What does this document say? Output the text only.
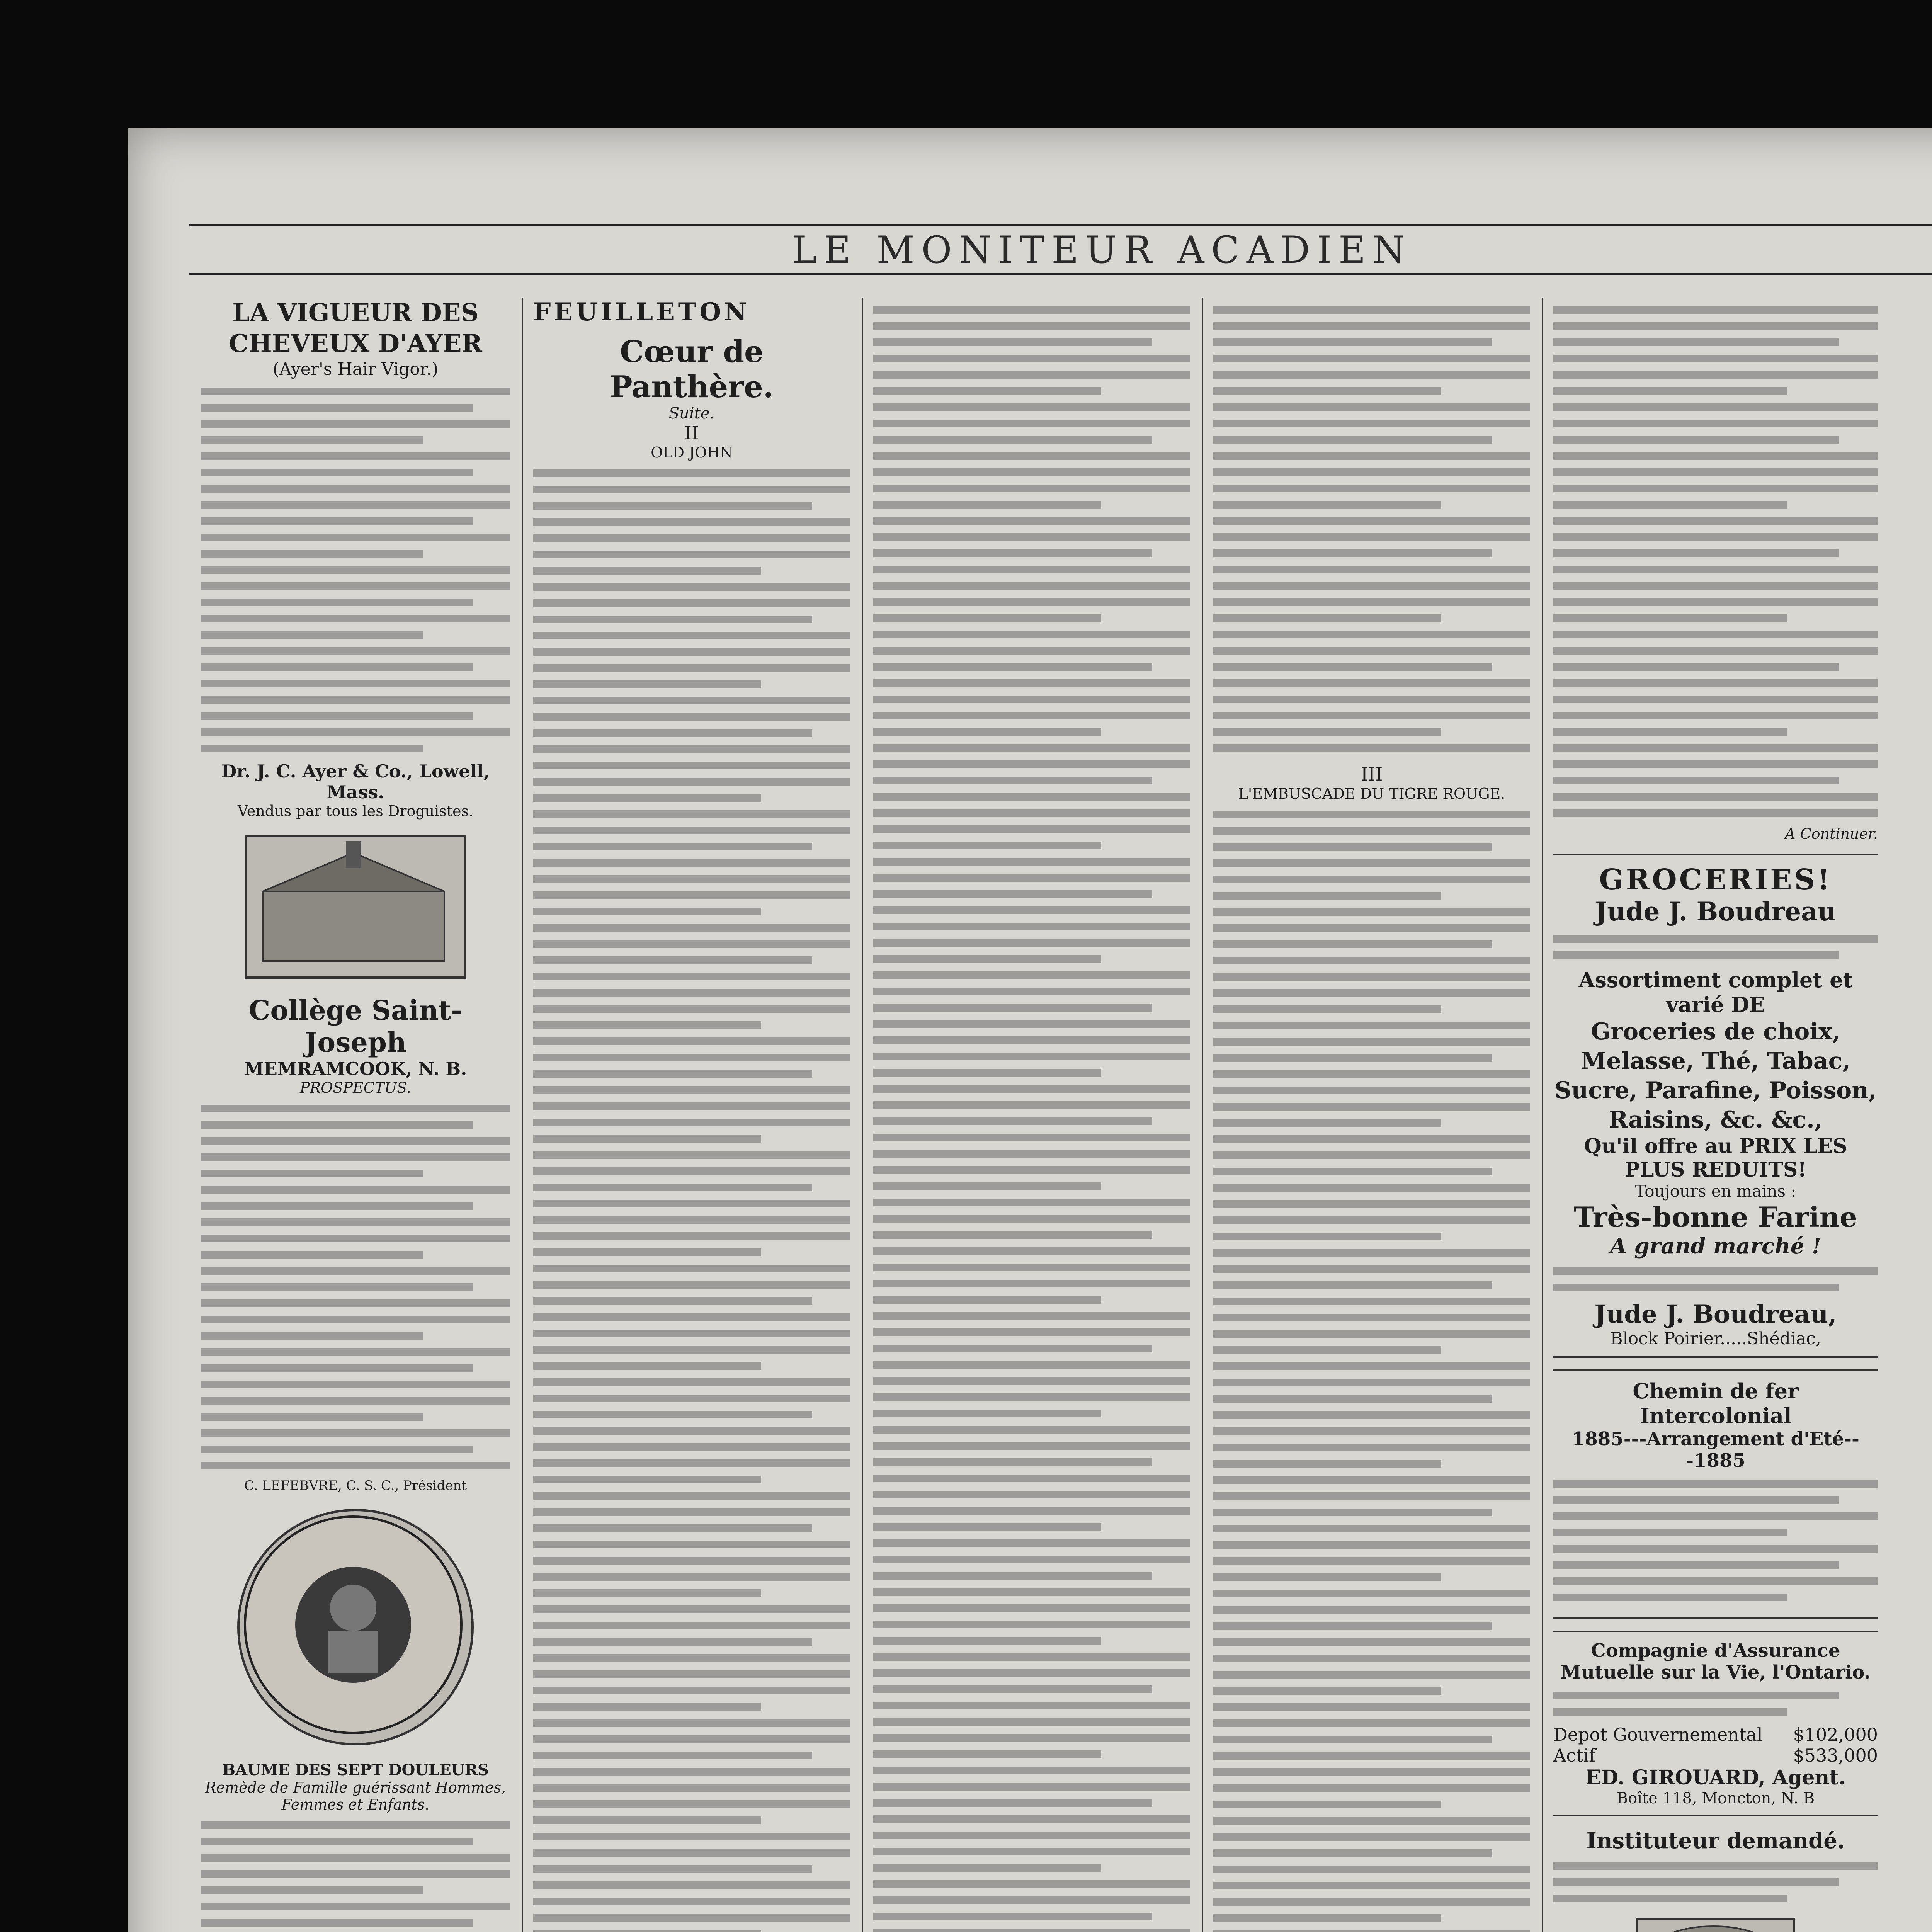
LE MONITEUR ACADIEN
LA VIGUEUR DES CHEVEUX D'AYER
(Ayer's Hair Vigor.)
Dr. J. C. Ayer & Co., Lowell, Mass.
Vendus par tous les Droguistes.
Collège Saint-Joseph
MEMRAMCOOK, N. B.
PROSPECTUS.
C. LEFEBVRE, C. S. C., Président
BAUME DES SEPT DOULEURS
Remède de Famille guérissant Hommes, Femmes et Enfants.
FEUILLETON
Cœur de Panthère.
Suite.
II
OLD JOHN
III
L'EMBUSCADE DU TIGRE ROUGE.
A Continuer.
GROCERIES!
Jude J. Boudreau
Assortiment complet et varié DE
Groceries de choix, Melasse, Thé, Tabac, Sucre, Parafine, Poisson, Raisins, &c. &c.,
Qu'il offre au PRIX LES PLUS REDUITS!
Toujours en mains :
Très-bonne Farine
A grand marché !
Jude J. Boudreau,
Block Poirier.....Shédiac,
Chemin de fer Intercolonial
1885---Arrangement d'Eté---1885
Compagnie d'Assurance Mutuelle sur la Vie, l'Ontario.
Depot Gouvernemental $102,000
Actif	$533,000
ED. GIROUARD, Agent.
Boîte 118, Moncton, N. B
Instituteur demandé.
